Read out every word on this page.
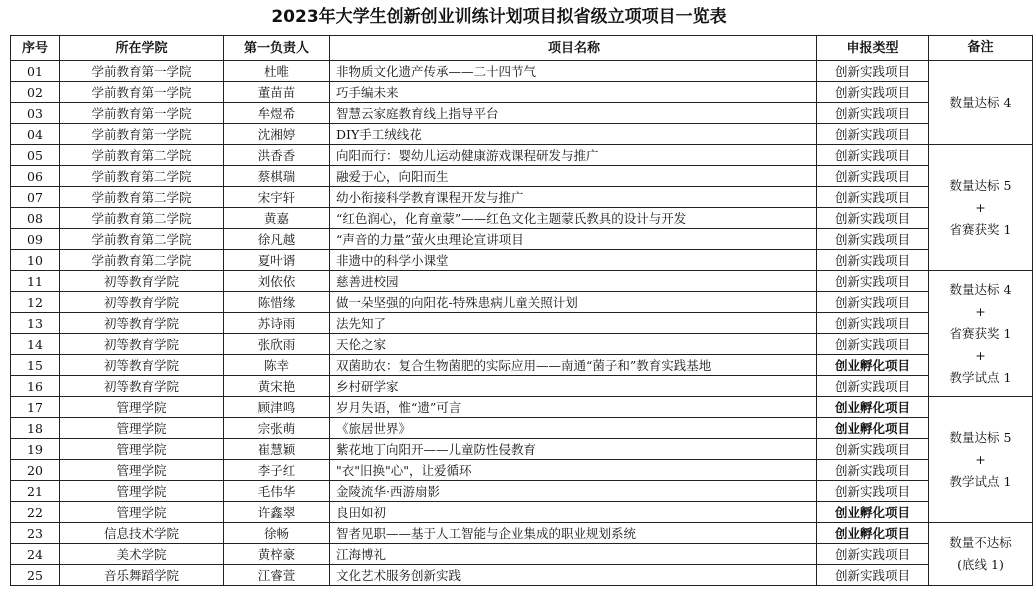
2023年大学生创新创业训练计划项目拟省级立项项目一览表
序号	所在学院	第一负责人	项目名称	申报类型	备注
01	学前教育第一学院	杜唯	非物质文化遗产传承——二十四节气	创新实践项目	数量达标 4

02	学前教育第一学院	董苗苗	巧手编未来	创新实践项目	
03	学前教育第一学院	牟煜希	智慧云家庭教育线上指导平台	创新实践项目	
04	学前教育第一学院	沈湘婷	DIY手工绒线花	创新实践项目	
05	学前教育第二学院	洪香香	向阳而行：婴幼儿运动健康游戏课程研发与推广	创新实践项目	数量达标 5
+
省赛获奖 1

06	学前教育第二学院	蔡棋瑞	融爱于心，向阳而生	创新实践项目	
07	学前教育第二学院	宋宇轩	幼小衔接科学教育课程开发与推广	创新实践项目	
08	学前教育第二学院	黄嘉	“红色润心，化育童蒙”——红色文化主题蒙氏教具的设计与开发	创新实践项目	
09	学前教育第二学院	徐凡越	“声音的力量”萤火虫理论宣讲项目	创新实践项目	
10	学前教育第二学院	夏叶谞	非遗中的科学小课堂	创新实践项目	
11	初等教育学院	刘依依	慈善进校园	创新实践项目	数量达标 4
+
省赛获奖 1
+
教学试点 1

12	初等教育学院	陈惜缘	做一朵坚强的向阳花-特殊患病儿童关照计划	创新实践项目	
13	初等教育学院	苏诗雨	法先知了	创新实践项目	
14	初等教育学院	张欣雨	天伦之家	创新实践项目	
15	初等教育学院	陈幸	双菌助农：复合生物菌肥的实际应用——南通“菌子和”教育实践基地	创业孵化项目	
16	初等教育学院	黄宋艳	乡村研学家	创新实践项目	
17	管理学院	顾津鸣	岁月失语，惟“遗”可言	创业孵化项目	数量达标 5
+
教学试点 1

18	管理学院	宗张萌	《旅居世界》	创业孵化项目	
19	管理学院	崔慧颖	紫花地丁向阳开——儿童防性侵教育	创新实践项目	
20	管理学院	李子红	"衣"旧换"心"，让爱循环	创新实践项目	
21	管理学院	毛伟华	金陵流华·西游扇影	创新实践项目	
22	管理学院	许鑫翠	良田如初	创业孵化项目	
23	信息技术学院	徐畅	智者见职——基于人工智能与企业集成的职业规划系统	创业孵化项目	数量不达标
(底线 1)

24	美术学院	黄梓豪	江海博礼	创新实践项目	
25	音乐舞蹈学院	江睿萱	文化艺术服务创新实践	创新实践项目	
